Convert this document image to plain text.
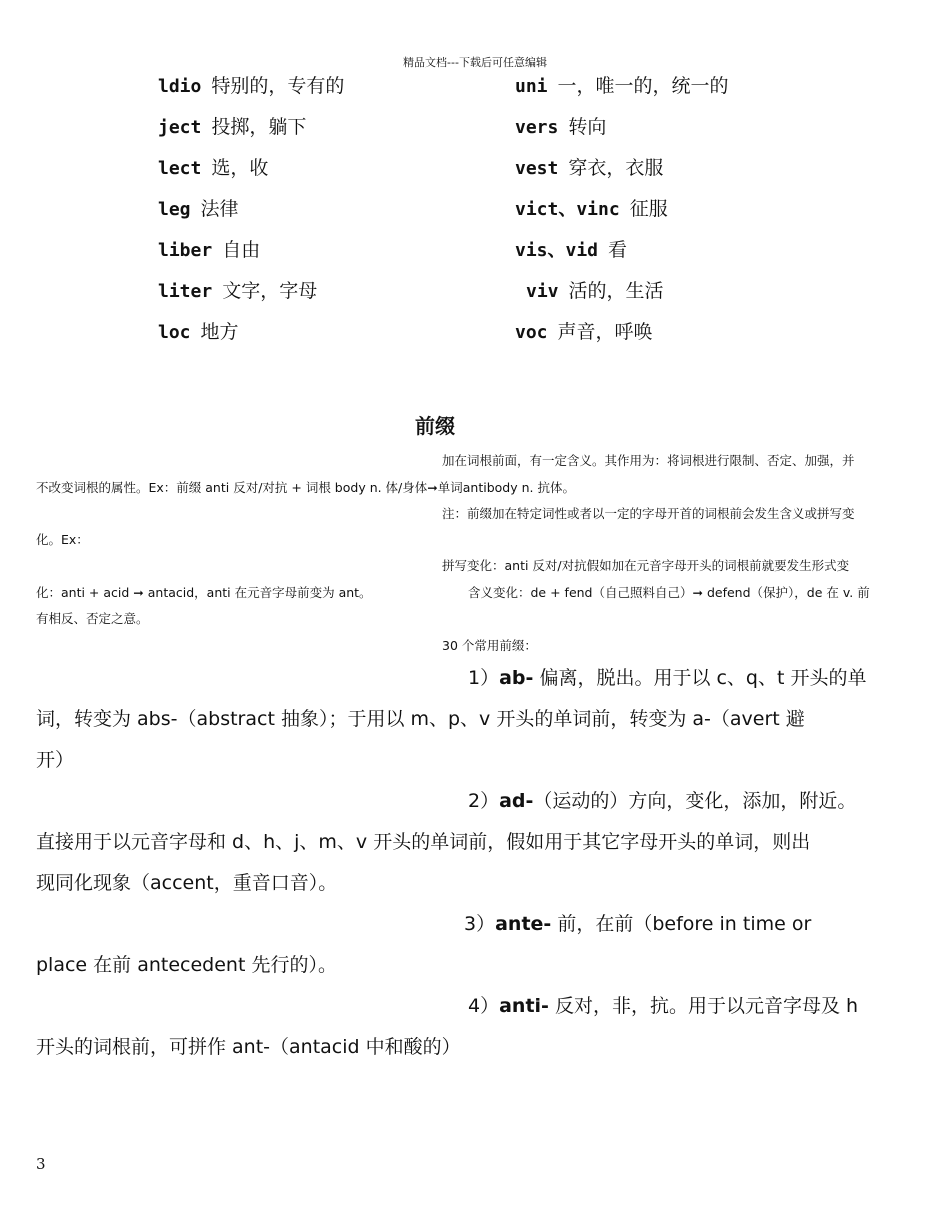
精品文档---下载后可任意编辑
ldio 特别的，专有的
ject 投掷，躺下
lect 选，收
leg 法律
liber 自由
liter 文字，字母
loc 地方
uni 一，唯一的，统一的
vers 转向
vest 穿衣，衣服
vict、vinc 征服
vis、vid 看
viv 活的，生活
voc 声音，呼唤
前缀
加在词根前面，有一定含义。其作用为：将词根进行限制、否定、加强，并
不改变词根的属性。Ex：前缀 anti 反对/对抗 + 词根 body n. 体/身体➞单词antibody n. 抗体。
注：前缀加在特定词性或者以一定的字母开首的词根前会发生含义或拼写变
化。Ex：
拼写变化：anti 反对/对抗假如加在元音字母开头的词根前就要发生形式变
化：anti + acid ➞ antacid，anti 在元音字母前变为 ant。	含义变化：de + fend（自己照料自己）➞ defend（保护），de 在 v. 前
有相反、否定之意。
30 个常用前缀：
1）ab- 偏离，脱出。用于以 c、q、t 开头的单
词，转变为 abs-（abstract 抽象）；于用以 m、p、v 开头的单词前，转变为 a-（avert 避
开）
2）ad-（运动的）方向，变化，添加，附近。
直接用于以元音字母和 d、h、j、m、v 开头的单词前，假如用于其它字母开头的单词，则出
现同化现象（accent，重音口音）。
3）ante- 前，在前（before in time or
place 在前 antecedent 先行的）。
4）anti- 反对，非，抗。用于以元音字母及 h
开头的词根前，可拼作 ant-（antacid 中和酸的）
3
